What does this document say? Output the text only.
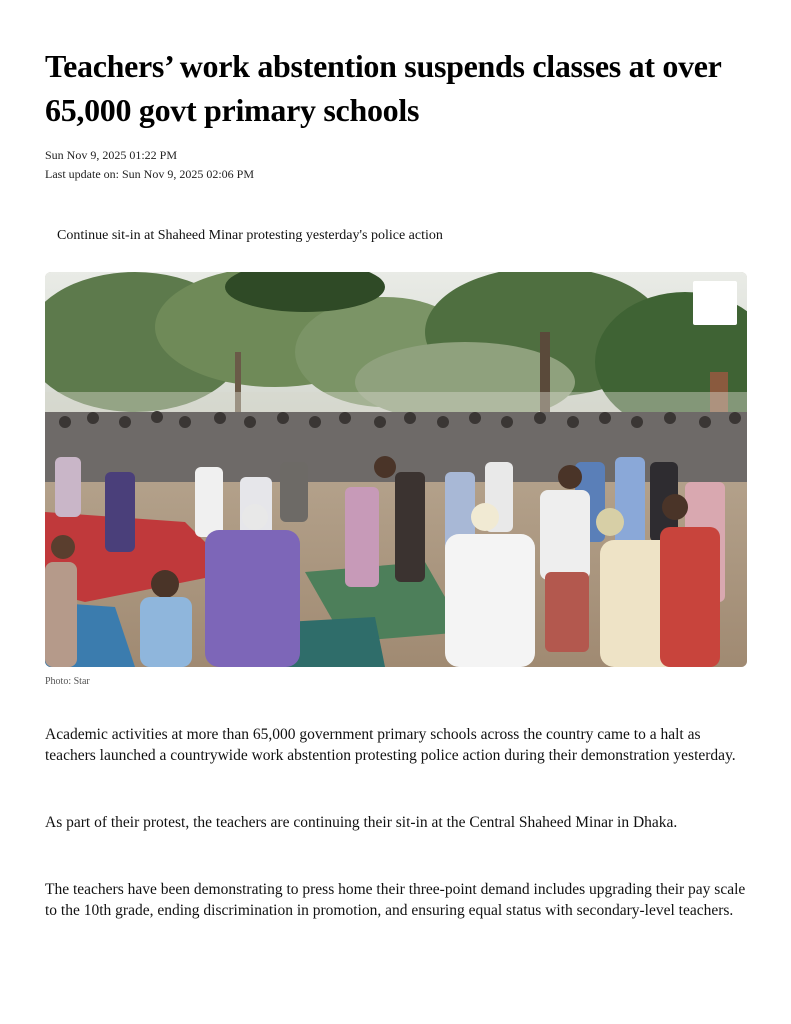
Teachers’ work abstention suspends classes at over 65,000 govt primary schools
Sun Nov 9, 2025 01:22 PM
Last update on: Sun Nov 9, 2025 02:06 PM
Continue sit-in at Shaheed Minar protesting yesterday's police action
Photo: Star

Academic activities at more than 65,000 government primary schools across the country came to a halt as teachers launched a countrywide work abstention protesting police action during their demonstration yesterday.

As part of their protest, the teachers are continuing their sit-in at the Central Shaheed Minar in Dhaka.

The teachers have been demonstrating to press home their three-point demand includes upgrading their pay scale to the 10th grade, ending discrimination in promotion, and ensuring equal status with secondary-level teachers.
